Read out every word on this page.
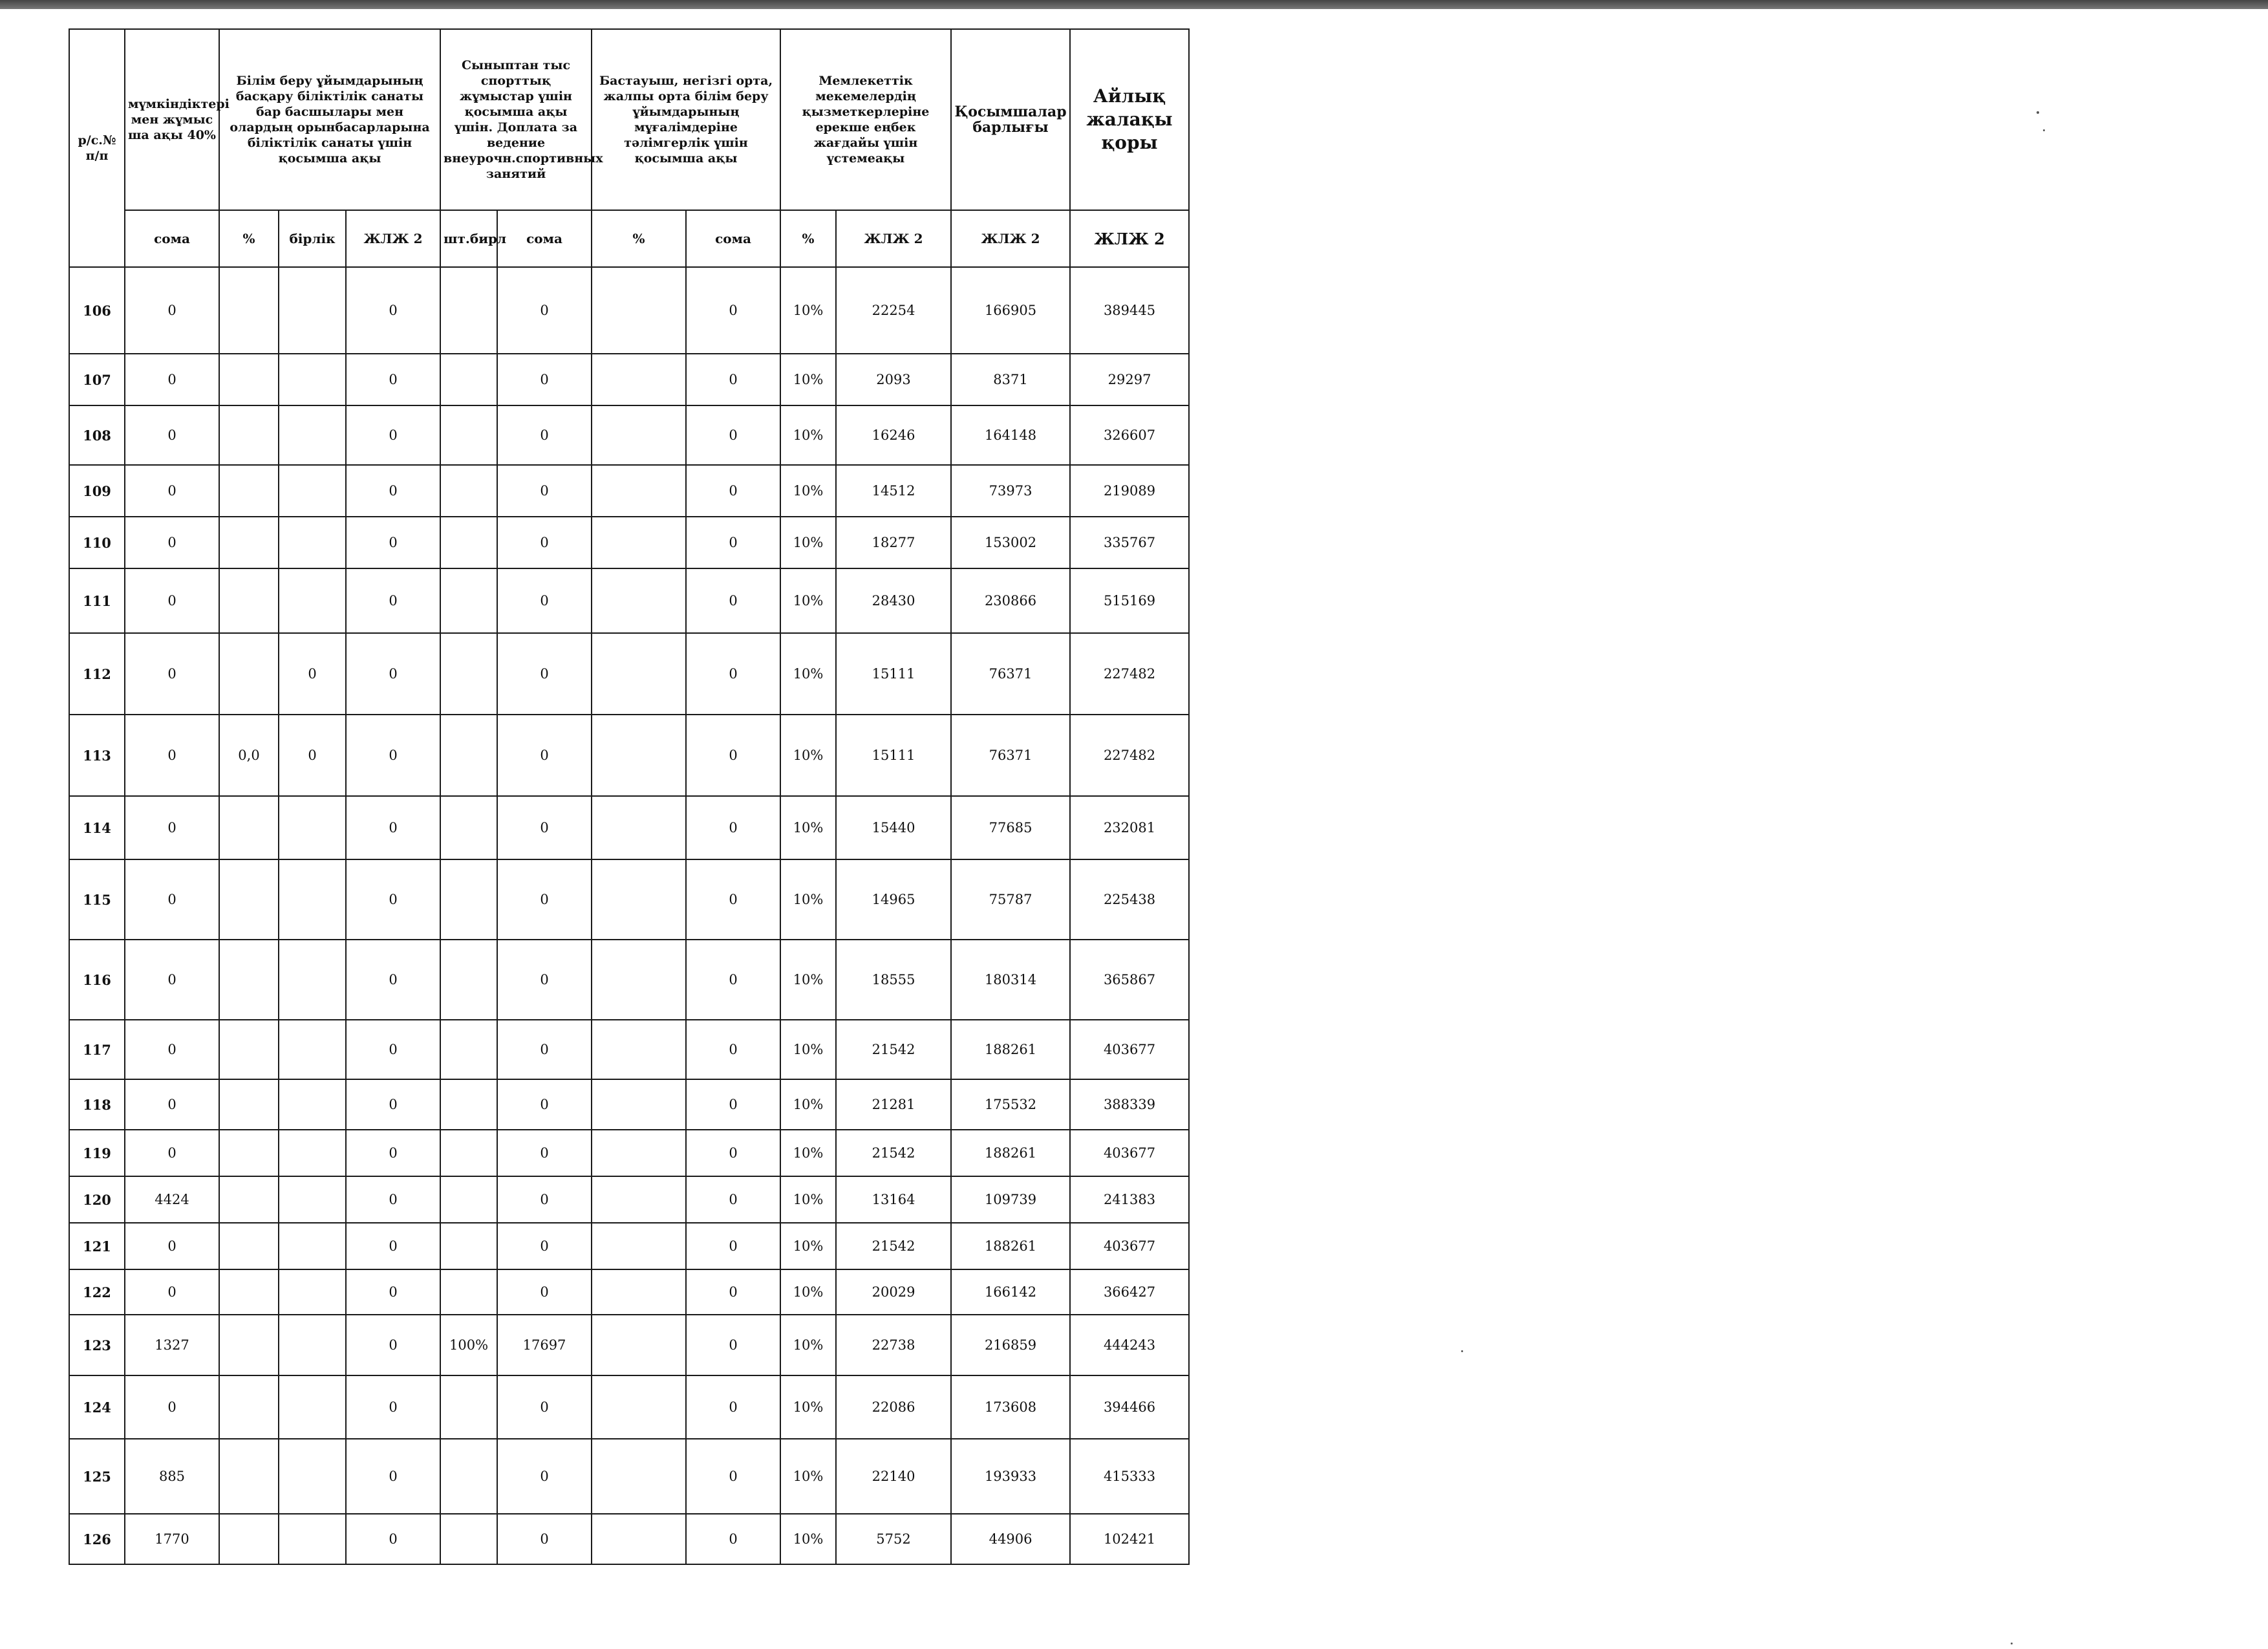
р/с.№ п/п	мүмкіндіктері мен жұмыс ша ақы 40%	Білім беру ұйымдарының басқару біліктілік санаты бар басшылары мен олардың орынбасарларына біліктілік санаты үшін қосымша ақы			Сыныптан тыс спорттық жұмыстар үшін қосымша ақы үшін. Доплата за ведение внеурочн.спортивных занятий		Бастауыш, негізгі орта, жалпы орта білім беру ұйымдарының мұғалімдеріне тәлімгерлік үшін қосымша ақы		Мемлекеттік мекемелердің қызметкерлеріне ерекше еңбек жағдайы үшін үстемеақы		Қосымшалар барлығы	Айлық жалақы қоры
	сома	%	бірлік	ЖЛЖ 2	шт.бирл	сома	%	сома	%	ЖЛЖ 2	ЖЛЖ 2	ЖЛЖ 2
106	0			0		0		0	10%	22254	166905	389445
107	0			0		0		0	10%	2093	8371	29297
108	0			0		0		0	10%	16246	164148	326607
109	0			0		0		0	10%	14512	73973	219089
110	0			0		0		0	10%	18277	153002	335767
111	0			0		0		0	10%	28430	230866	515169
112	0		0	0		0		0	10%	15111	76371	227482
113	0	0,0	0	0		0		0	10%	15111	76371	227482
114	0			0		0		0	10%	15440	77685	232081
115	0			0		0		0	10%	14965	75787	225438
116	0			0		0		0	10%	18555	180314	365867
117	0			0		0		0	10%	21542	188261	403677
118	0			0		0		0	10%	21281	175532	388339
119	0			0		0		0	10%	21542	188261	403677
120	4424			0		0		0	10%	13164	109739	241383
121	0			0		0		0	10%	21542	188261	403677
122	0			0		0		0	10%	20029	166142	366427
123	1327			0	100%	17697		0	10%	22738	216859	444243
124	0			0		0		0	10%	22086	173608	394466
125	885			0		0		0	10%	22140	193933	415333
126	1770			0		0		0	10%	5752	44906	102421
